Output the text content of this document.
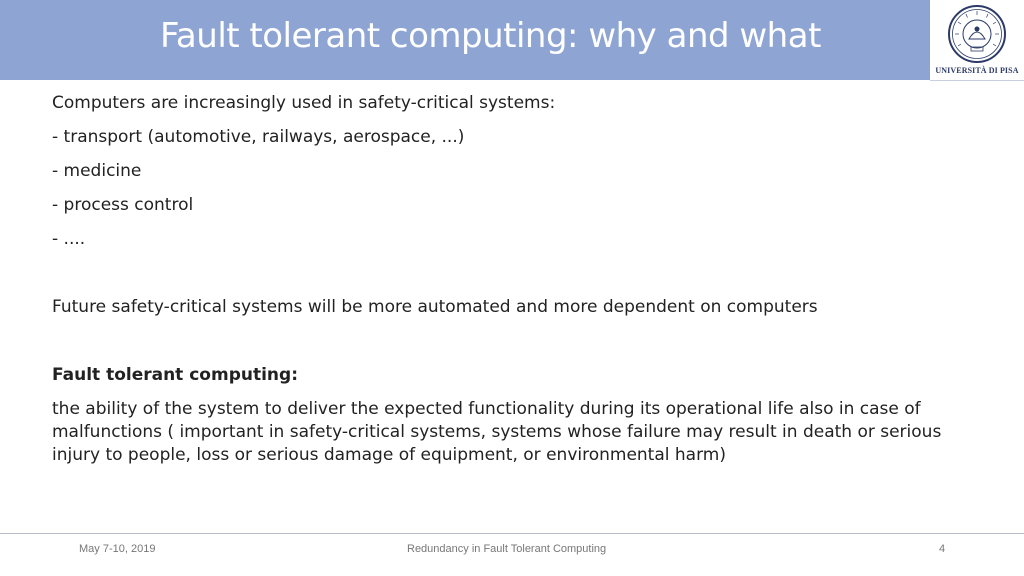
Fault tolerant computing: why and what
UNIVERSITÀ DI PISA

Computers are increasingly used in safety-critical systems:

- transport (automotive, railways, aerospace, ...)

- medicine

- process control

- ....

Future safety-critical systems will be more automated and more dependent on computers

Fault tolerant computing:

the ability of the system to deliver the expected functionality during its operational life also in case of malfunctions ( important in safety-critical systems, systems whose failure may result in death or serious injury to people, loss or serious damage of equipment, or environmental harm)

May 7-10, 2019	Redundancy in Fault Tolerant Computing	4
